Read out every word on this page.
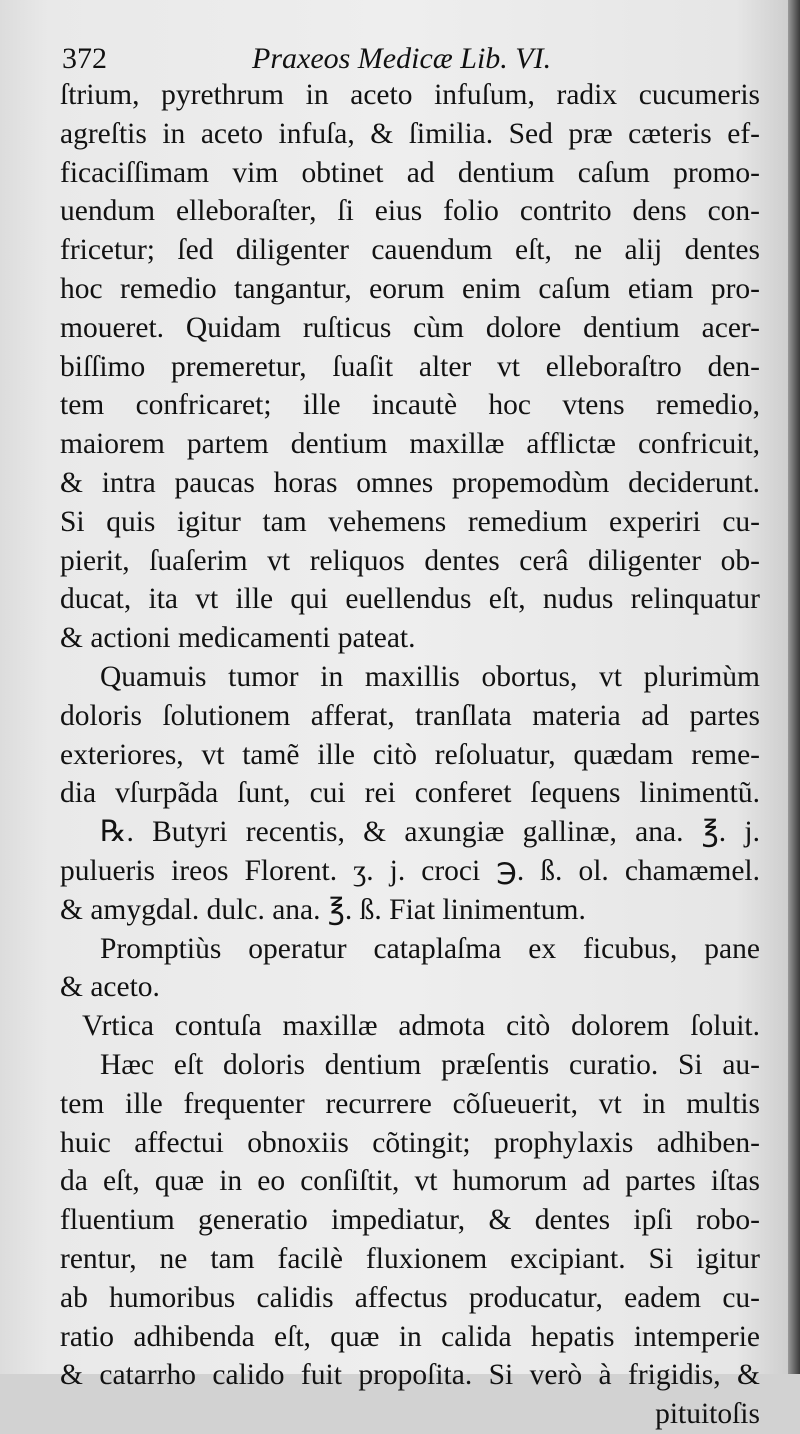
372	Praxeos Medicæ Lib. VI.
ſtrium, pyrethrum in aceto infuſum, radix cucumeris
agreſtis in aceto infuſa, & ſimilia. Sed præ cæteris ef-
ficaciſſimam vim obtinet ad dentium caſum promo-
uendum elleboraſter, ſi eius folio contrito dens con-
fricetur; ſed diligenter cauendum eſt, ne alij dentes
hoc remedio tangantur, eorum enim caſum etiam pro-
moueret. Quidam ruſticus cùm dolore dentium acer-
biſſimo premeretur, ſuaſit alter vt elleboraſtro den-
tem confricaret; ille incautè hoc vtens remedio,
maiorem partem dentium maxillæ afflictæ confricuit,
& intra paucas horas omnes propemodùm deciderunt.
Si quis igitur tam vehemens remedium experiri cu-
pierit, ſuaſerim vt reliquos dentes cerâ diligenter ob-
ducat, ita vt ille qui euellendus eſt, nudus relinquatur
& actioni medicamenti pateat.
Quamuis tumor in maxillis obortus, vt plurimùm
doloris ſolutionem afferat, tranſlata materia ad partes
exteriores, vt tamẽ ille citò reſoluatur, quædam reme-
dia vſurpãda ſunt, cui rei conferet ſequens linimentũ.
℞. Butyri recentis, & axungiæ gallinæ, ana. ℥. j.
pulueris ireos Florent. ʒ. j. croci ℈. ß. ol. chamæmel.
& amygdal. dulc. ana. ℥. ß. Fiat linimentum.
Promptiùs operatur cataplaſma ex ficubus, pane
& aceto.
Vrtica contuſa maxillæ admota citò dolorem ſoluit.
Hæc eſt doloris dentium præſentis curatio. Si au-
tem ille frequenter recurrere cõſueuerit, vt in multis
huic affectui obnoxiis cõtingit; prophylaxis adhiben-
da eſt, quæ in eo conſiſtit, vt humorum ad partes iſtas
fluentium generatio impediatur, & dentes ipſi robo-
rentur, ne tam facilè fluxionem excipiant. Si igitur
ab humoribus calidis affectus producatur, eadem cu-
ratio adhibenda eſt, quæ in calida hepatis intemperie
& catarrho calido fuit propoſita. Si verò à frigidis, &
pituitoſis
